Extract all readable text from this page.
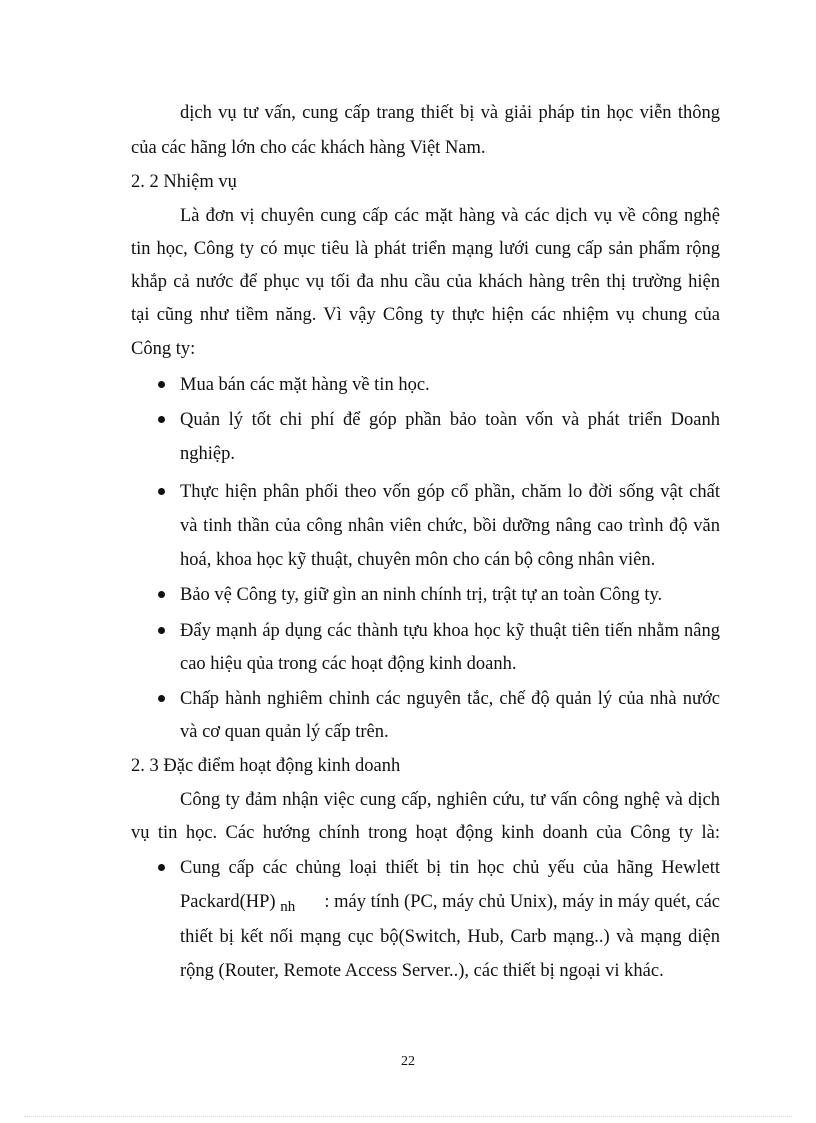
dịch vụ tư vấn, cung cấp trang thiết bị và giải pháp tin học viễn thông
của các hãng lớn cho các khách hàng Việt Nam.
2. 2 Nhiệm vụ
Là đơn vị chuyên cung cấp các mặt hàng và các dịch vụ về công nghệ
tin học, Công ty có mục tiêu là phát triển mạng lưới cung cấp sản phẩm rộng
khắp cả nước để phục vụ tối đa nhu cầu của khách hàng trên thị trường hiện
tại cũng như tiềm năng. Vì vậy Công ty thực hiện các nhiệm vụ chung của
Công ty:
Mua bán các mặt hàng về tin học.
Quản lý tốt chi phí để góp phần bảo toàn vốn và phát triển Doanh
nghiệp.
Thực hiện phân phối theo vốn góp cổ phần, chăm lo đời sống vật chất
và tinh thần của công nhân viên chức, bồi dưỡng nâng cao trình độ văn
hoá, khoa học kỹ thuật, chuyên môn cho cán bộ công nhân viên.
Bảo vệ Công ty, giữ gìn an ninh chính trị, trật tự an toàn Công ty.
Đẩy mạnh áp dụng các thành tựu khoa học kỹ thuật tiên tiến nhằm nâng
cao hiệu qủa trong các hoạt động kinh doanh.
Chấp hành nghiêm chỉnh các nguyên tắc, chế độ quản lý của nhà nước
và cơ quan quản lý cấp trên.
2. 3 Đặc điểm hoạt động kinh doanh
Công ty đảm nhận việc cung cấp, nghiên cứu, tư vấn công nghệ và dịch
vụ tin học. Các hướng chính trong hoạt động kinh doanh của Công ty là:
Cung cấp các chủng loại thiết bị tin học chủ yếu của hãng Hewlett
Packard(HP) $_{nh}$ : máy tính (PC, máy chủ Unix), máy in máy quét, các
thiết bị kết nối mạng cục bộ(Switch, Hub, Carb mạng..) và mạng diện
rộng (Router, Remote Access Server..), các thiết bị ngoại vi khác.
22
